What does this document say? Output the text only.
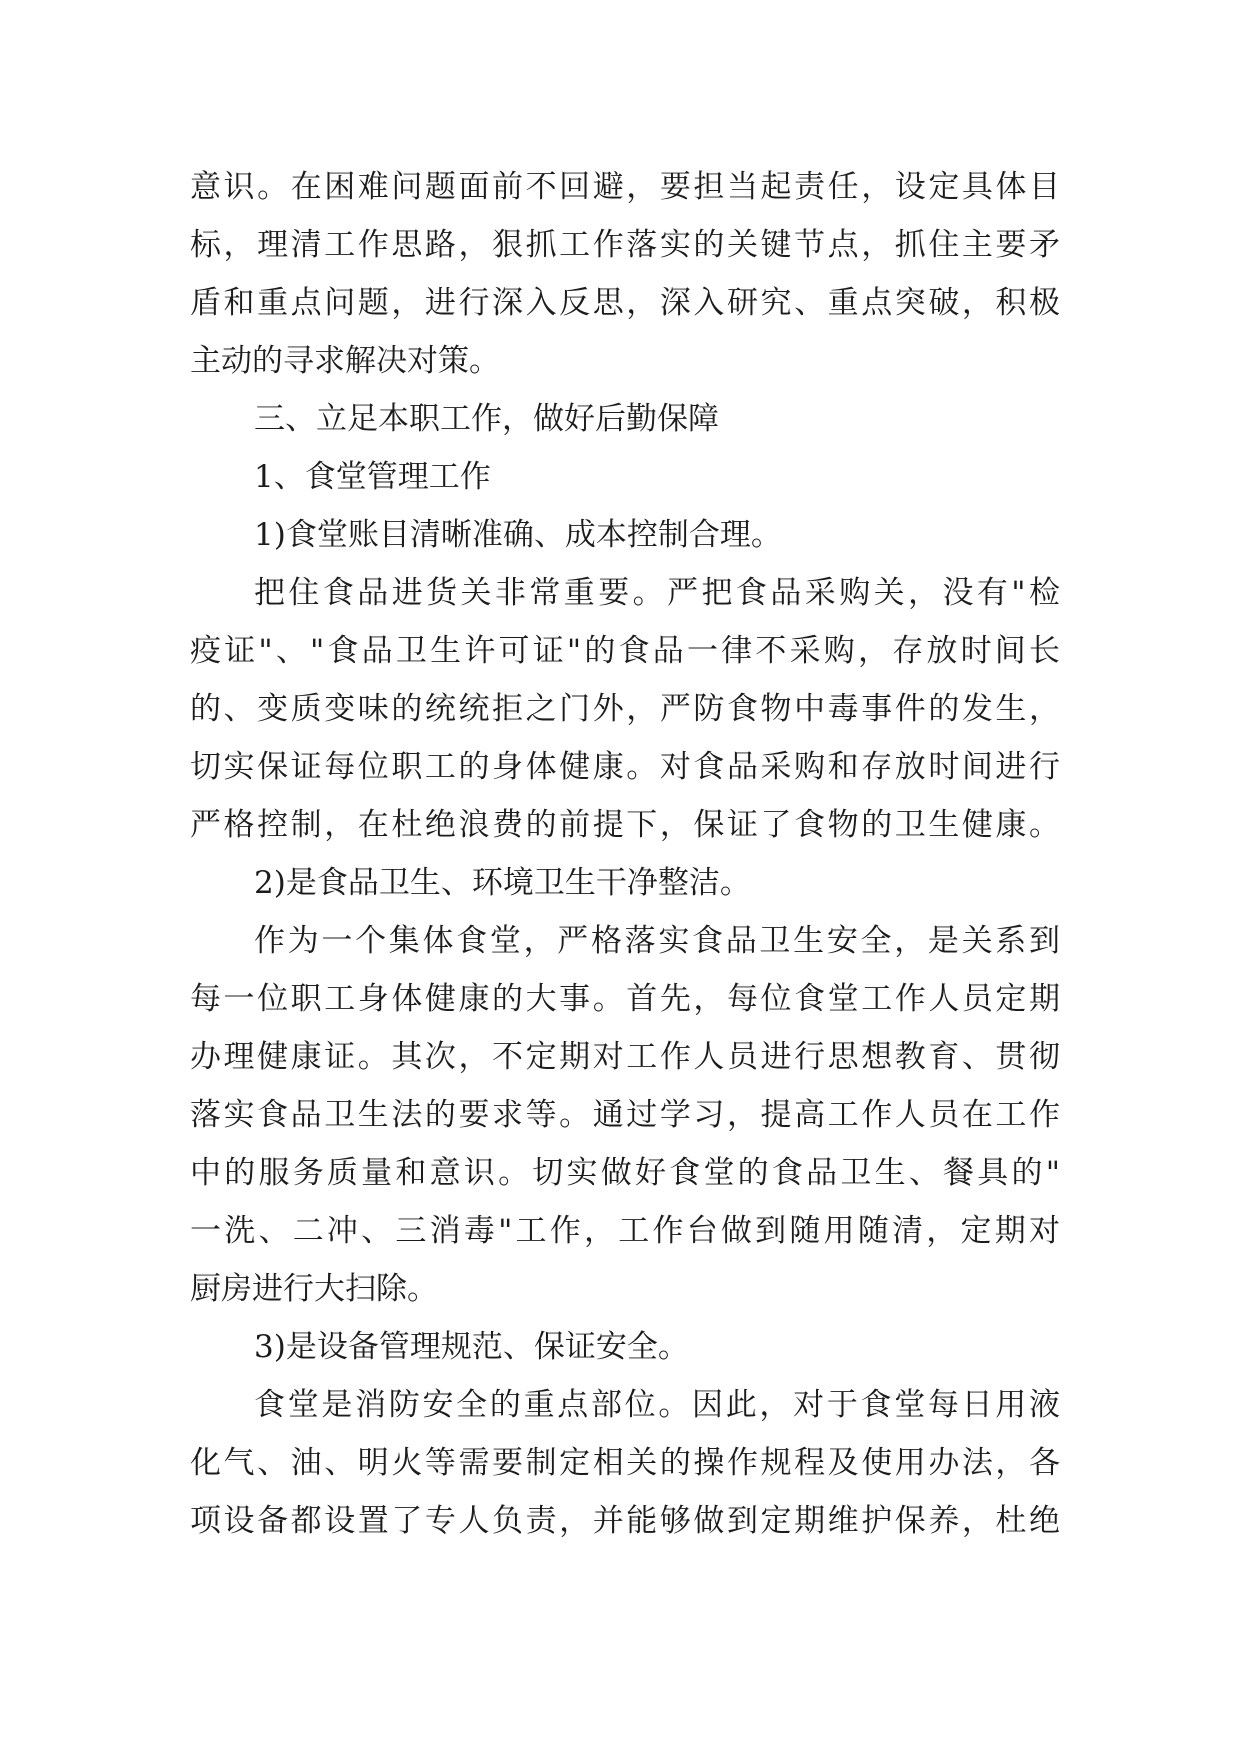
意识。在困难问题面前不回避，要担当起责任，设定具体目
标，理清工作思路，狠抓工作落实的关键节点，抓住主要矛
盾和重点问题，进行深入反思，深入研究、重点突破，积极
主动的寻求解决对策。
三、立足本职工作，做好后勤保障
1、食堂管理工作
1)食堂账目清晰准确、成本控制合理。
把住食品进货关非常重要。严把食品采购关，没有"检
疫证"、"食品卫生许可证"的食品一律不采购，存放时间长
的、变质变味的统统拒之门外，严防食物中毒事件的发生，
切实保证每位职工的身体健康。对食品采购和存放时间进行
严格控制，在杜绝浪费的前提下，保证了食物的卫生健康。
2)是食品卫生、环境卫生干净整洁。
作为一个集体食堂，严格落实食品卫生安全，是关系到
每一位职工身体健康的大事。首先，每位食堂工作人员定期
办理健康证。其次，不定期对工作人员进行思想教育、贯彻
落实食品卫生法的要求等。通过学习，提高工作人员在工作
中的服务质量和意识。切实做好食堂的食品卫生、餐具的"
一洗、二冲、三消毒"工作，工作台做到随用随清，定期对
厨房进行大扫除。
3)是设备管理规范、保证安全。
食堂是消防安全的重点部位。因此，对于食堂每日用液
化气、油、明火等需要制定相关的操作规程及使用办法，各
项设备都设置了专人负责，并能够做到定期维护保养，杜绝
